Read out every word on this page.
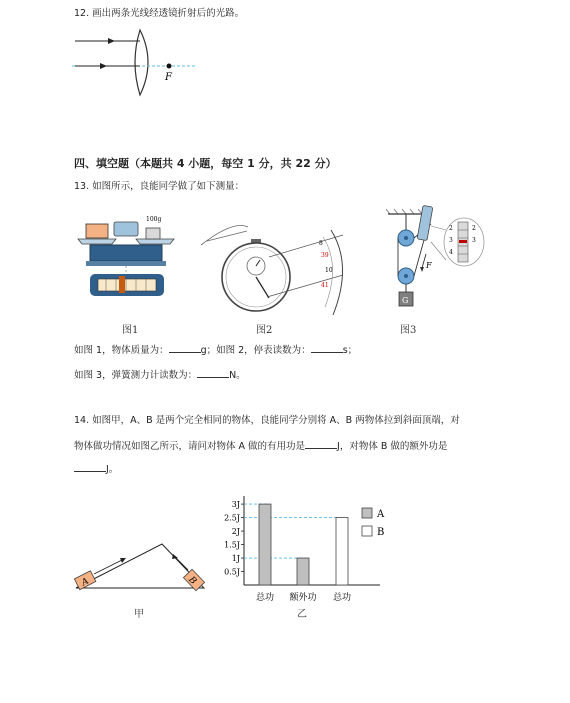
12. 画出两条光线经透镜折射后的光路。
F
四、填空题（本题共 4 小题，每空 1 分，共 22 分）
13. 如图所示，良能同学做了如下测量：
100g
图1
8
39
10
41
图2
F
G
2
3
4
2
3
图3
如图 1，物体质量为：	g；如图 2，停表读数为：	s；
如图 3，弹簧测力计读数为：	N。
14. 如图甲，A、B 是两个完全相同的物体，良能同学分别将 A、B 两物体拉到斜面顶端，对
物体做功情况如图乙所示，请问对物体 A 做的有用功是	J，对物体 B 做的额外功是
J。
A	B
甲
0.5J
1J
1.5J
2J
2.5J
3J
总功 额外功 总功
A
B
乙
